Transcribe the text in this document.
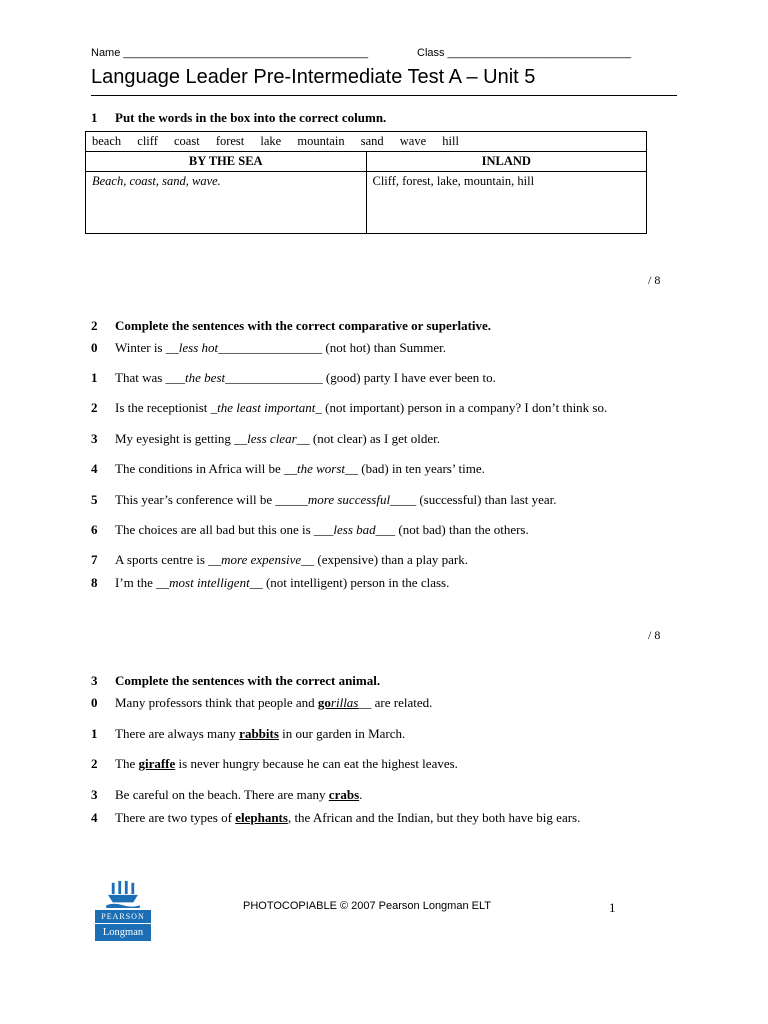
Name ________________________________________	Class ______________________________
Language Leader Pre-Intermediate Test A – Unit 5
1 Put the words in the box into the correct column.
beach cliff coast forest lake mountain sand wave hill	
BY THE SEA	INLAND
Beach, coast, sand, wave.	Cliff, forest, lake, mountain, hill
/ 8
2 Complete the sentences with the correct comparative or superlative.
0 Winter is __less hot________________ (not hot) than Summer.
1 That was ___the best_______________ (good) party I have ever been to.
2 Is the receptionist _the least important_ (not important) person in a company? I don’t think so.
3 My eyesight is getting __less clear__ (not clear) as I get older.
4 The conditions in Africa will be __the worst__ (bad) in ten years’ time.
5 This year’s conference will be _____more successful____ (successful) than last year.
6 The choices are all bad but this one is ___less bad___ (not bad) than the others.
7 A sports centre is __more expensive__ (expensive) than a play park.
8 I’m the __most intelligent__ (not intelligent) person in the class.
/ 8
3 Complete the sentences with the correct animal.
0 Many professors think that people and gorillas__ are related.
1 There are always many rabbits in our garden in March.
2 The giraffe is never hungry because he can eat the highest leaves.
3 Be careful on the beach. There are many crabs.
4 There are two types of elephants, the African and the Indian, but they both have big ears.
PEARSON
Longman
PHOTOCOPIABLE © 2007 Pearson Longman ELT	1
